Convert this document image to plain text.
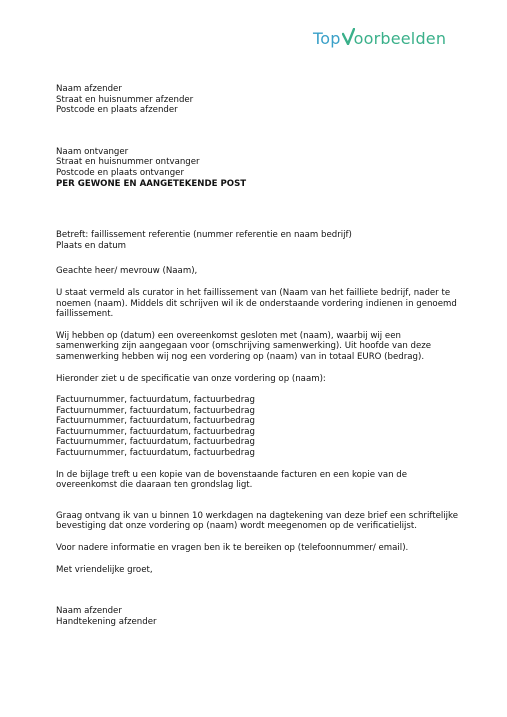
Top oorbeelden
Naam afzender
Straat en huisnummer afzender
Postcode en plaats afzender
Naam ontvanger
Straat en huisnummer ontvanger
Postcode en plaats ontvanger
PER GEWONE EN AANGETEKENDE POST
Betreft: faillissement referentie (nummer referentie en naam bedrijf)
Plaats en datum
Geachte heer/ mevrouw (Naam),
U staat vermeld als curator in het faillissement van (Naam van het failliete bedrijf, nader te
noemen (naam). Middels dit schrijven wil ik de onderstaande vordering indienen in genoemd
faillissement.
Wij hebben op (datum) een overeenkomst gesloten met (naam), waarbij wij een
samenwerking zijn aangegaan voor (omschrijving samenwerking). Uit hoofde van deze
samenwerking hebben wij nog een vordering op (naam) van in totaal EURO (bedrag).
Hieronder ziet u de specificatie van onze vordering op (naam):
Factuurnummer, factuurdatum, factuurbedrag
Factuurnummer, factuurdatum, factuurbedrag
Factuurnummer, factuurdatum, factuurbedrag
Factuurnummer, factuurdatum, factuurbedrag
Factuurnummer, factuurdatum, factuurbedrag
Factuurnummer, factuurdatum, factuurbedrag
In de bijlage treft u een kopie van de bovenstaande facturen en een kopie van de
overeenkomst die daaraan ten grondslag ligt.
Graag ontvang ik van u binnen 10 werkdagen na dagtekening van deze brief een schriftelijke
bevestiging dat onze vordering op (naam) wordt meegenomen op de verificatielijst.
Voor nadere informatie en vragen ben ik te bereiken op (telefoonnummer/ email).
Met vriendelijke groet,
Naam afzender
Handtekening afzender
